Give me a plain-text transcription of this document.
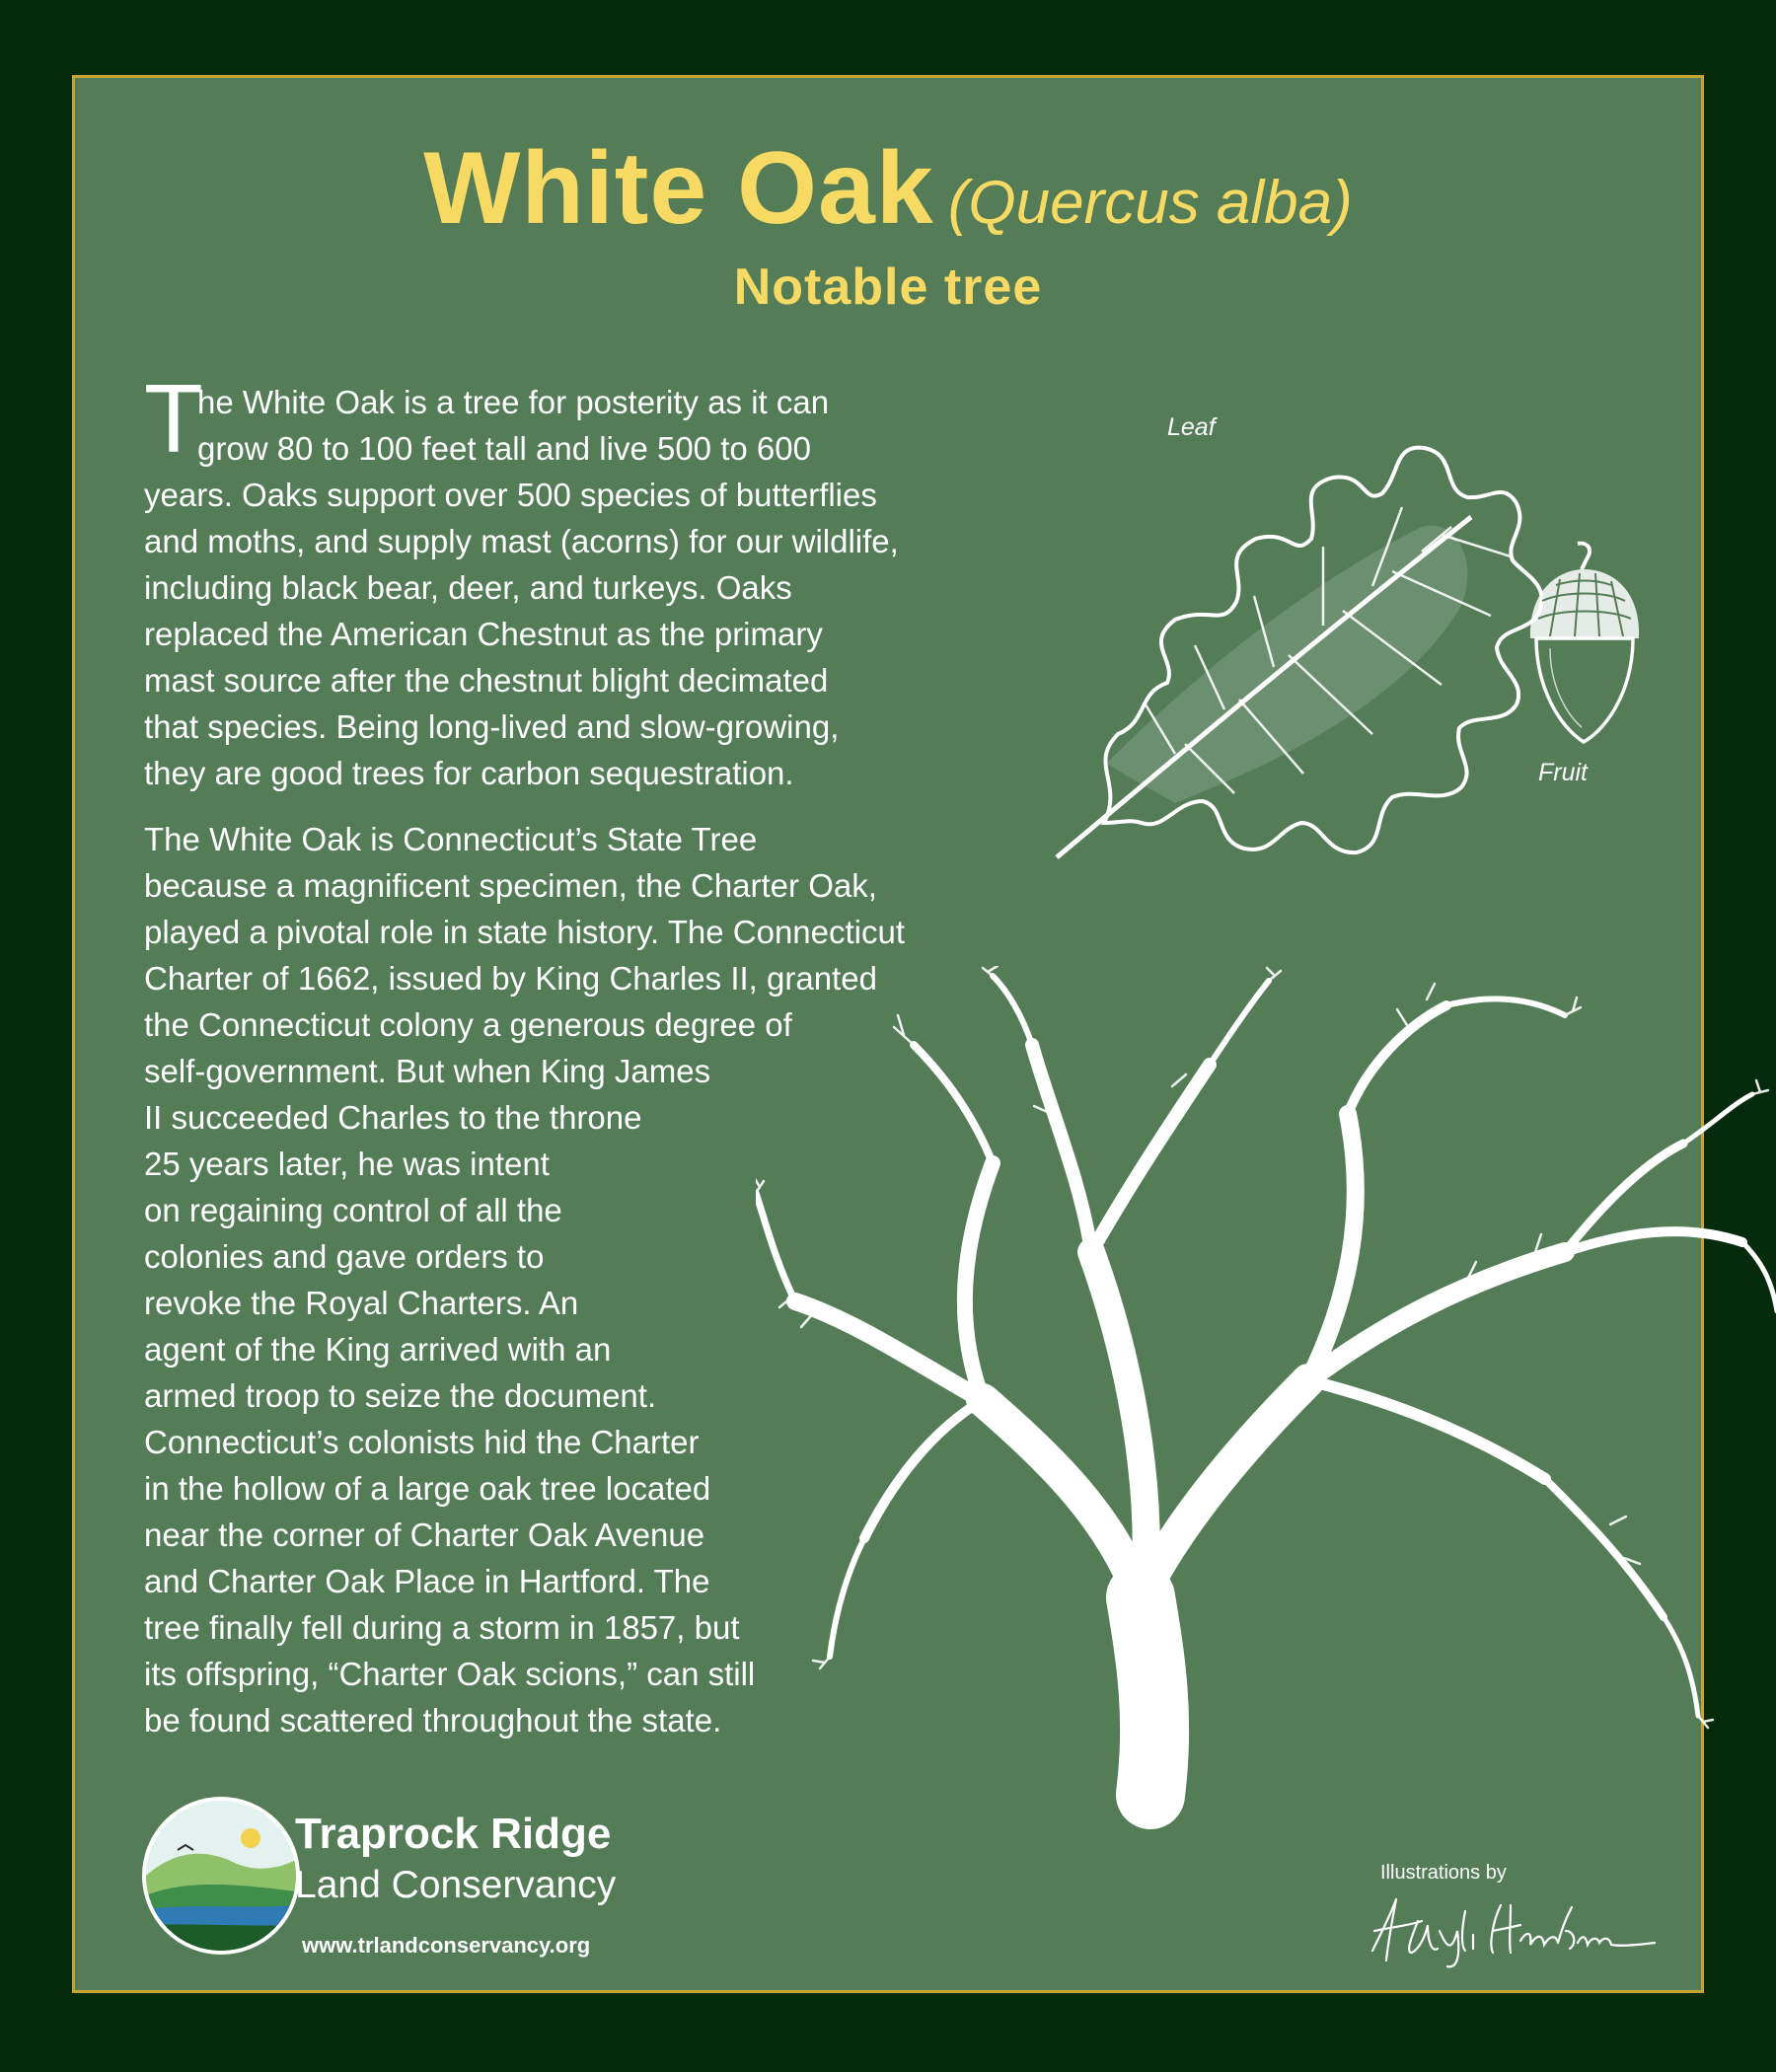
White Oak (Quercus alba)
Notable tree
T

he White Oak is a tree for posterity as it can
grow 80 to 100 feet tall and live 500 to 600
years. Oaks support over 500 species of butterflies
and moths, and supply mast (acorns) for our wildlife,
including black bear, deer, and turkeys. Oaks
replaced the American Chestnut as the primary
mast source after the chestnut blight decimated
that species. Being long-lived and slow-growing,
they are good trees for carbon sequestration.

The White Oak is Connecticut’s State Tree
because a magnificent specimen, the Charter Oak,
played a pivotal role in state history. The Connecticut
Charter of 1662, issued by King Charles II, granted
the Connecticut colony a generous degree of
self-government. But when King James
II succeeded Charles to the throne
25 years later, he was intent
on regaining control of all the
colonies and gave orders to
revoke the Royal Charters. An
agent of the King arrived with an
armed troop to seize the document.
Connecticut’s colonists hid the Charter
in the hollow of a large oak tree located
near the corner of Charter Oak Avenue
and Charter Oak Place in Hartford. The
tree finally fell during a storm in 1857, but
its offspring, “Charter Oak scions,” can still
be found scattered throughout the state.

Leaf
Fruit
Traprock Ridge
Land Conservancy
www.trlandconservancy.org
Illustrations by
